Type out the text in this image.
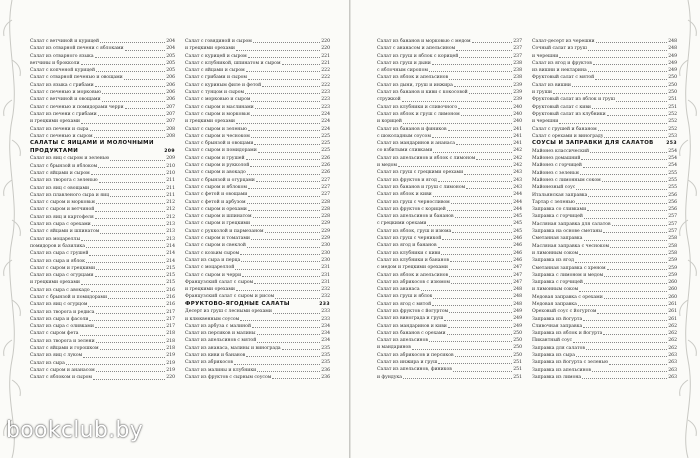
Салат с ветчиной и курицей	204
Салат из отварной печени с яблоками	204
Салат из отварного языка	205
ветчины и брокколи	205
Салат с копченой курицей	205
Салат с отварной печенью и овощами	206
Салат из языка с грибами	206
Салат с печенью и морковью	206
Салат с ветчиной и овощами	206
Салат с печенью и помидорами черри	207
Салат из печени с грибами	207
и грецкими орехами	207
Салат из печени и сыра	208
Салат с печенью и сыром	208
САЛАТЫ С ЯИЦАМИ И МОЛОЧНЫМИ
ПРОДУКТАМИ	209
Салат из яиц с сыром и зеленью	209
Салат с брынзой и яблоком	210
Салат с яйцами и сыром	210
Салат из творога с зеленью	211
Салат из яиц с овощами	211
Салат из плавленого сыра и яиц	211
Салат с сыром и морковью	212
Салат с сыром и ветчиной	212
Салат из яиц и картофеля	212
Салат из сыра с орехами	213
Салат с яйцами и шпинатом	213
Салат из моцареллы	213
помидоров и базилика	214
Салат из сыра с грушей	214
Салат из сыра и яблок	214
Салат с сыром и грецкими	215
Салат из сыра с огурцами	215
и грецкими орехами	215
Салат из сыра с авокадо	216
Салат с брынзой и помидорами	216
Салат из яиц с огурцом	216
Салат из творога и редиса	217
Салат из сыра и фасоли	217
Салат из сыра с оливками	217
Салат с сыром фета	218
Салат из творога и зелени	218
Салат с яйцами и горошком	218
Салат из яиц с луком	219
Салат из сыра	219
Салат с сыром и ананасом	219
Салат с яблоком и сыром	220
Салат с говядиной и сыром	220
и грецкими орехами	220
Салат с курицей и сыром	221
Салат с клубникой, шпинатом и сыром	221
Салат с яйцами и сыром	222
Салат с грибами и сыром	222
Салат с куриным филе и фетой	222
Салат с тунцом и сыром	223
Салат с морковью и сыром	223
Салат с сыром и маслинами	223
Салат с сыром и морковью	224
и грецкими орехами	224
Салат с сыром и зеленью	224
Салат с сыром и чесноком	225
Салат с брынзой и овощами	225
Салат с сыром и помидорами	225
Салат с сыром и грушей	226
Салат с сыром и рукколой	226
Салат с сыром и авокадо	226
Салат с брынзой и огурцами	227
Салат с сыром и яблоком	227
Салат с фетой и овощами	227
Салат с фетой и арбузом	228
Салат с сыром и орехами	228
Салат с сыром и шпинатом	228
Салат с сыром и грецкими	229
Салат с рукколой и пармезаном	229
Салат с сыром и томатами	229
Салат с сыром и свеклой	230
Салат с козьим сыром	230
Салат из сыра и перца	230
Салат с моцареллой	231
Салат с сыром и черри	231
Французский салат с сыром	231
и грецкими орехами	232
Французский салат с сыром и рисом	232
ФРУКТОВО-ЯГОДНЫЕ САЛАТЫ	233
Десерт из груш с лесными орехами	233
и клюквенным соусом	233
Салат из арбуза с малиной	234
Салат из персиков и малины	234
Салат из апельсинов с мятой	234
Салат из ананаса, малины и винограда	235
Салат из киви и бананов	235
Салат из абрикосов	235
Салат из малины и клубники	236
Салат из фруктов с сырным соусом	236
bookclub.by
Салат из бананов и морковью с медом	237
Салат с ананасом и апельсином	237
Салат из груш и яблок с корицей	237
Салат из груш и дыни	238
с яблочным сиропом	238
Салат из яблок и апельсинов	238
Салат из дыни, груш и инжира	239
Салат из бананов и киви с кокосовой	239
стружкой	239
Салат из клубники и сливочного	240
Салат из яблок и груш с лимоном	240
и корицей	240
Салат из бананов и фиников	241
с шоколадным соусом	241
Салат из мандаринов и ананаса	241
со взбитыми сливками	242
Салат из апельсинов и яблок с лимоном	242
и медом	242
Салат из груш с грецкими орехами	243
Салат из фруктов и ягод	243
Салат из бананов и груш с лимоном	243
Салат из яблок и киви	244
Салат из груш с черносливом	244
Салат из фруктов с корицей	244
Салат из апельсинов и бананов	245
с грецкими орехами	245
Салат из яблок, груш и изюма	245
Салат из груш с черникой	246
Салат из ягод и бананов	246
Салат из клубники с киви	246
Салат из клубники и бананов	246
с медом и грецкими орехами	247
Салат из яблок и апельсинов	247
Салат из абрикосов с изюмом	247
Салат из ананаса	248
Салат из груш и яблок	248
Салат из ягод с мятой	248
Салат из фруктов с йогуртом	249
Салат из винограда и груш	249
Салат из мандаринов и киви	249
Салат из бананов с орехами	250
Салат из апельсинов	250
и мандаринов	250
Салат из абрикосов и персиков	250
Салат из инжира и груш	251
Салат из апельсинов, фиников	251
и фундука	251
Салат-десерт из черешни	248
Сочный салат из груш	248
и черешни	249
Салат из ягод и фруктов	249
из вишни и нектарина	249
Фруктовый салат с мятой	250
Салат из вишни	250
и груши	250
Фруктовый салат из яблок и груш	251
Фруктовый салат с киви	251
Фруктовый салат из клубники	252
и черешни	252
Салат с грушей и бананом	252
Салат с орехами и винограду	253
СОУСЫ И ЗАПРАВКИ ДЛЯ САЛАТОВ	253
Майонез классический	254
Майонез домашний	254
Майонез с горчицей	254
Майонез с зеленью	255
Майонез с лимонным соком	255
Майонезный соус	255
Итальянская заправка	256
Тартар с зеленью	256
Заправка со сливками	256
Заправка с горчицей	257
Масляная заправка для салатов	257
Заправка на основе сметаны	257
Сметанная заправка	258
Масляная заправка с чесноком	258
и лимонным соком	258
Заправка из ягод	259
Сметанная заправка с хреном	259
Заправка с лимоном и медом	259
Заправка с горчицей	260
и лимонным соком	260
Медовая заправка с орехами	260
Медовая заправка	261
Ореховый соус с йогуртом	261
Заправка из йогурта	261
Сливочная заправка	262
Заправка из яблок и йогурта	262
Пикантный соус	262
Заправка для салатов	262
Заправка из сыра	263
Заправка из йогурта с зеленью	263
Заправка из апельсинов	263
Заправка из лимона	263
